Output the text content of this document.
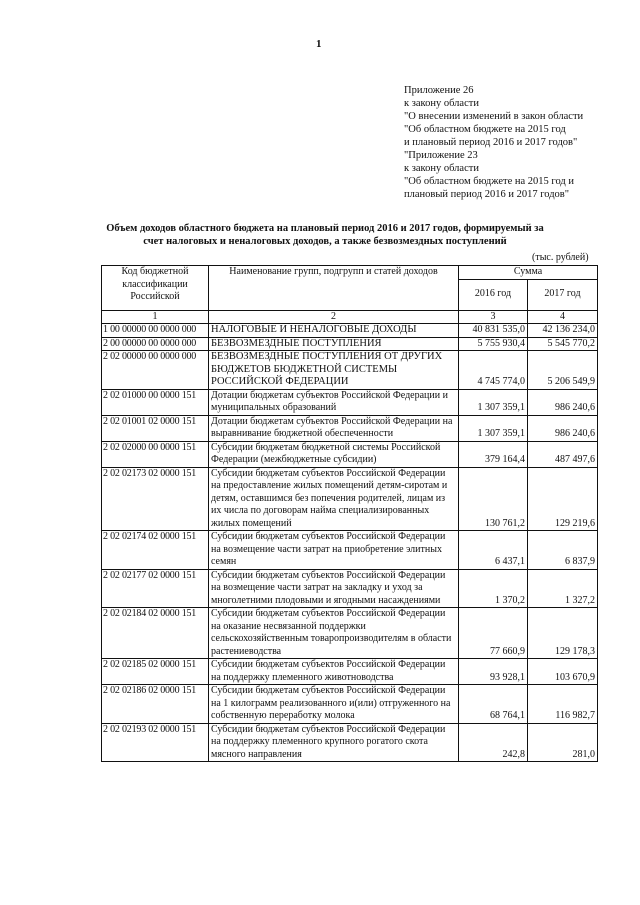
1
Приложение 26
к закону области
"О внесении изменений в закон области
"Об областном бюджете на 2015 год
и плановый период 2016 и 2017 годов"
"Приложение 23
к закону области
"Об областном бюджете на 2015 год и
плановый период 2016 и 2017 годов"
Объем доходов областного бюджета на плановый период 2016 и 2017 годов, формируемый за счет налоговых и неналоговых доходов, а также безвозмездных поступлений
(тыс. рублей)
Код бюджетной классификации Российской	Наименование групп, подгрупп и статей доходов	Сумма	
		2016 год	2017 год
1	2	3	4
1 00 00000 00 0000 000	НАЛОГОВЫЕ И НЕНАЛОГОВЫЕ ДОХОДЫ	40 831 535,0	42 136 234,0
2 00 00000 00 0000 000	БЕЗВОЗМЕЗДНЫЕ ПОСТУПЛЕНИЯ	5 755 930,4	5 545 770,2
2 02 00000 00 0000 000	БЕЗВОЗМЕЗДНЫЕ ПОСТУПЛЕНИЯ ОТ ДРУГИХ БЮДЖЕТОВ БЮДЖЕТНОЙ СИСТЕМЫ РОССИЙСКОЙ ФЕДЕРАЦИИ	4 745 774,0	5 206 549,9
2 02 01000 00 0000 151	Дотации бюджетам субъектов Российской Федерации и муниципальных образований	1 307 359,1	986 240,6
2 02 01001 02 0000 151	Дотации бюджетам субъектов Российской Федерации на выравнивание бюджетной обеспеченности	1 307 359,1	986 240,6
2 02 02000 00 0000 151	Субсидии бюджетам бюджетной системы Российской Федерации (межбюджетные субсидии)	379 164,4	487 497,6
2 02 02173 02 0000 151	Субсидии бюджетам субъектов Российской Федерации на предоставление жилых помещений детям-сиротам и детям, оставшимся без попечения родителей, лицам из их числа по договорам найма специализированных жилых помещений	130 761,2	129 219,6
2 02 02174 02 0000 151	Субсидии бюджетам субъектов Российской Федерации на возмещение части затрат на приобретение элитных семян	6 437,1	6 837,9
2 02 02177 02 0000 151	Субсидии бюджетам субъектов Российской Федерации на возмещение части затрат на закладку и уход за многолетними плодовыми и ягодными насаждениями	1 370,2	1 327,2
2 02 02184 02 0000 151	Субсидии бюджетам субъектов Российской Федерации на оказание несвязанной поддержки сельскохозяйственным товаропроизводителям в области растениеводства	77 660,9	129 178,3
2 02 02185 02 0000 151	Субсидии бюджетам субъектов Российской Федерации на поддержку племенного животноводства	93 928,1	103 670,9
2 02 02186 02 0000 151	Субсидии бюджетам субъектов Российской Федерации на 1 килограмм реализованного и(или) отгруженного на собственную переработку молока	68 764,1	116 982,7
2 02 02193 02 0000 151	Субсидии бюджетам субъектов Российской Федерации на поддержку племенного крупного рогатого скота мясного направления	242,8	281,0
